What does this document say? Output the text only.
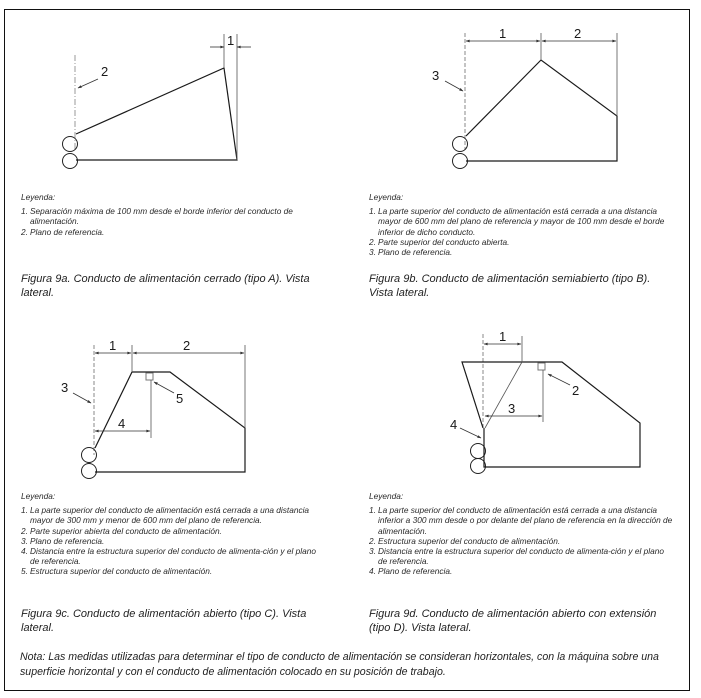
1
2
1	2
3
1	2
3
4
5
1
2
3
4
Leyenda:
1. Separación máxima de 100 mm desde el borde inferior del conducto de alimentación.
2. Plano de referencia.
Figura 9a. Conducto de alimentación cerrado (tipo A). Vista lateral.
Leyenda:
1. La parte superior del conducto de alimentación está cerrada a una distancia mayor de 600 mm del plano de referencia y mayor de 100 mm desde el borde inferior de dicho conducto.
2. Parte superior del conducto abierta.
3. Plano de referencia.
Figura 9b. Conducto de alimentación semiabierto (tipo B). Vista lateral.
Leyenda:
1. La parte superior del conducto de alimentación está cerrada a una distancia mayor de 300 mm y menor de 600 mm del plano de referencia.
2. Parte superior abierta del conducto de alimentación.
3. Plano de referencia.
4. Distancia entre la estructura superior del conducto de alimenta-ción y el plano de referencia.
5. Estructura superior del conducto de alimentación.
Figura 9c. Conducto de alimentación abierto (tipo C). Vista lateral.
Leyenda:
1. La parte superior del conducto de alimentación está cerrada a una distancia inferior a 300 mm desde o por delante del plano de referencia en la dirección de alimentación.
2. Estructura superior del conducto de alimentación.
3. Distancia entre la estructura superior del conducto de alimenta-ción y el plano de referencia.
4. Plano de referencia.
Figura 9d. Conducto de alimentación abierto con extensión (tipo D). Vista lateral.
Nota: Las medidas utilizadas para determinar el tipo de conducto de alimentación se consideran horizontales, con la máquina sobre una superficie horizontal y con el conducto de alimentación colocado en su posición de trabajo.
